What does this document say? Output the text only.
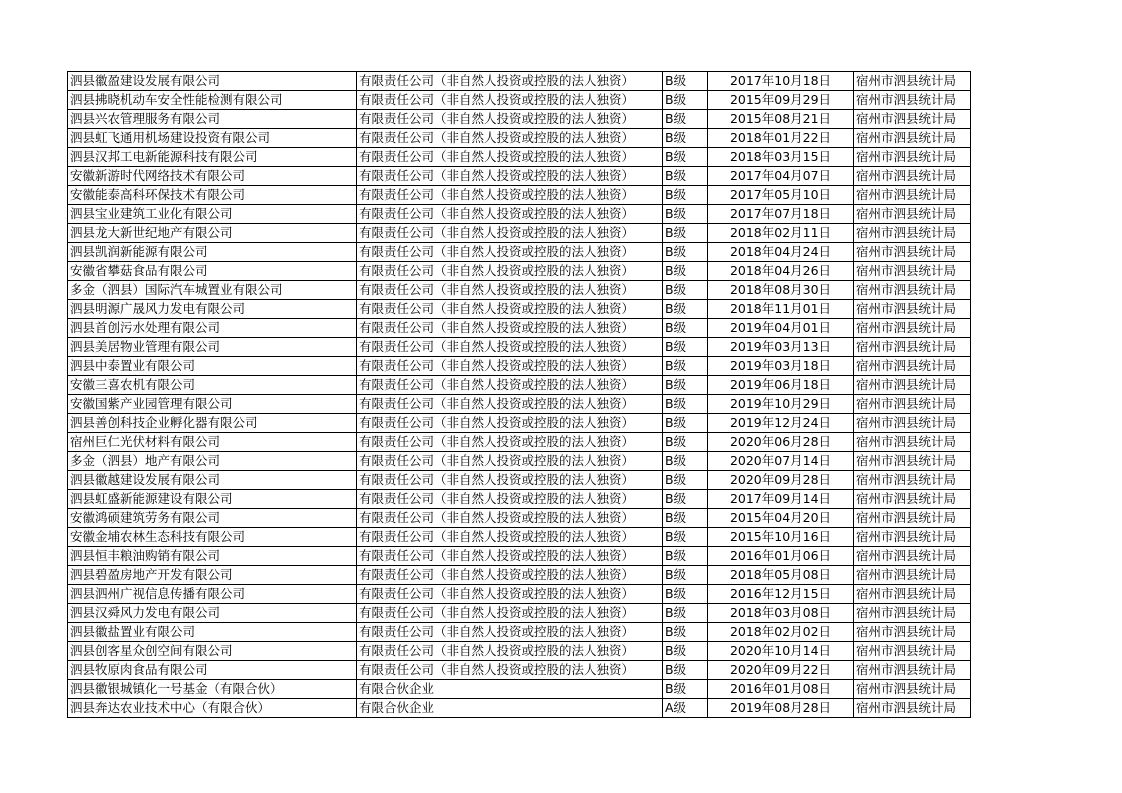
泗县徽盈建设发展有限公司	有限责任公司（非自然人投资或控股的法人独资）	B级	2017年10月18日	宿州市泗县统计局
泗县拂晓机动车安全性能检测有限公司	有限责任公司（非自然人投资或控股的法人独资）	B级	2015年09月29日	宿州市泗县统计局
泗县兴农管理服务有限公司	有限责任公司（非自然人投资或控股的法人独资）	B级	2015年08月21日	宿州市泗县统计局
泗县虹飞通用机场建设投资有限公司	有限责任公司（非自然人投资或控股的法人独资）	B级	2018年01月22日	宿州市泗县统计局
泗县汉邦工电新能源科技有限公司	有限责任公司（非自然人投资或控股的法人独资）	B级	2018年03月15日	宿州市泗县统计局
安徽新游时代网络技术有限公司	有限责任公司（非自然人投资或控股的法人独资）	B级	2017年04月07日	宿州市泗县统计局
安徽能泰高科环保技术有限公司	有限责任公司（非自然人投资或控股的法人独资）	B级	2017年05月10日	宿州市泗县统计局
泗县宝业建筑工业化有限公司	有限责任公司（非自然人投资或控股的法人独资）	B级	2017年07月18日	宿州市泗县统计局
泗县龙大新世纪地产有限公司	有限责任公司（非自然人投资或控股的法人独资）	B级	2018年02月11日	宿州市泗县统计局
泗县凯润新能源有限公司	有限责任公司（非自然人投资或控股的法人独资）	B级	2018年04月24日	宿州市泗县统计局
安徽省攀菇食品有限公司	有限责任公司（非自然人投资或控股的法人独资）	B级	2018年04月26日	宿州市泗县统计局
多金（泗县）国际汽车城置业有限公司	有限责任公司（非自然人投资或控股的法人独资）	B级	2018年08月30日	宿州市泗县统计局
泗县明源广晟风力发电有限公司	有限责任公司（非自然人投资或控股的法人独资）	B级	2018年11月01日	宿州市泗县统计局
泗县首创污水处理有限公司	有限责任公司（非自然人投资或控股的法人独资）	B级	2019年04月01日	宿州市泗县统计局
泗县美居物业管理有限公司	有限责任公司（非自然人投资或控股的法人独资）	B级	2019年03月13日	宿州市泗县统计局
泗县中泰置业有限公司	有限责任公司（非自然人投资或控股的法人独资）	B级	2019年03月18日	宿州市泗县统计局
安徽三喜农机有限公司	有限责任公司（非自然人投资或控股的法人独资）	B级	2019年06月18日	宿州市泗县统计局
安徽国紫产业园管理有限公司	有限责任公司（非自然人投资或控股的法人独资）	B级	2019年10月29日	宿州市泗县统计局
泗县善创科技企业孵化器有限公司	有限责任公司（非自然人投资或控股的法人独资）	B级	2019年12月24日	宿州市泗县统计局
宿州巨仁光伏材料有限公司	有限责任公司（非自然人投资或控股的法人独资）	B级	2020年06月28日	宿州市泗县统计局
多金（泗县）地产有限公司	有限责任公司（非自然人投资或控股的法人独资）	B级	2020年07月14日	宿州市泗县统计局
泗县徽越建设发展有限公司	有限责任公司（非自然人投资或控股的法人独资）	B级	2020年09月28日	宿州市泗县统计局
泗县虹盛新能源建设有限公司	有限责任公司（非自然人投资或控股的法人独资）	B级	2017年09月14日	宿州市泗县统计局
安徽鸿硕建筑劳务有限公司	有限责任公司（非自然人投资或控股的法人独资）	B级	2015年04月20日	宿州市泗县统计局
安徽金埔农林生态科技有限公司	有限责任公司（非自然人投资或控股的法人独资）	B级	2015年10月16日	宿州市泗县统计局
泗县恒丰粮油购销有限公司	有限责任公司（非自然人投资或控股的法人独资）	B级	2016年01月06日	宿州市泗县统计局
泗县碧盈房地产开发有限公司	有限责任公司（非自然人投资或控股的法人独资）	B级	2018年05月08日	宿州市泗县统计局
泗县泗州广视信息传播有限公司	有限责任公司（非自然人投资或控股的法人独资）	B级	2016年12月15日	宿州市泗县统计局
泗县汉舜风力发电有限公司	有限责任公司（非自然人投资或控股的法人独资）	B级	2018年03月08日	宿州市泗县统计局
泗县徽盐置业有限公司	有限责任公司（非自然人投资或控股的法人独资）	B级	2018年02月02日	宿州市泗县统计局
泗县创客星众创空间有限公司	有限责任公司（非自然人投资或控股的法人独资）	B级	2020年10月14日	宿州市泗县统计局
泗县牧原肉食品有限公司	有限责任公司（非自然人投资或控股的法人独资）	B级	2020年09月22日	宿州市泗县统计局
泗县徽银城镇化一号基金（有限合伙）	有限合伙企业	B级	2016年01月08日	宿州市泗县统计局
泗县奔达农业技术中心（有限合伙）	有限合伙企业	A级	2019年08月28日	宿州市泗县统计局
